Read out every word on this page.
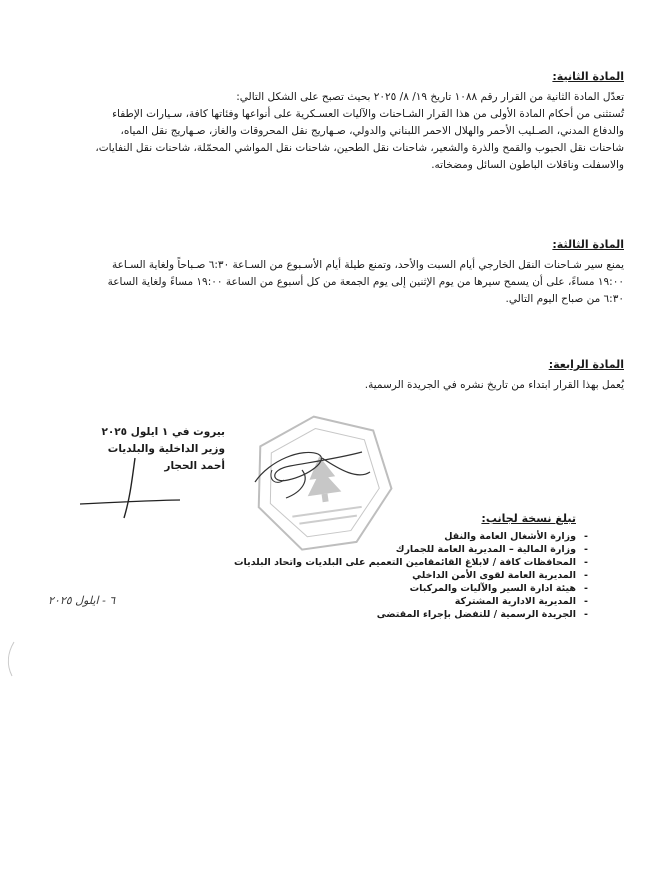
المادة الثانية:

تعدّل المادة الثانية من القرار رقم ١٠٨٨ تاريخ ١٩/ ٨/ ٢٠٢٥ بحيث تصبح على الشكل التالي:

تُستثنى من أحكام المادة الأولى من هذا القرار الشـاحنات والآليات العسـكرية على أنواعها وفئاتها كافة، سـيارات الإطفاء

والدفاع المدني، الصـليب الأحمر والهلال الاحمر اللبناني والدولي، صـهاريج نقل المحروقات والغاز، صـهاريج نقل المياه،

شاحنات نقل الحبوب والقمح والذرة والشعير، شاحنات نقل الطحين، شاحنات نقل المواشي المحمّلة، شاحنات نقل النفايات،

والاسفلت وناقلات الباطون السائل ومضخاته.

المادة الثالثة:

يمنع سير شـاحنات النقل الخارجي أيام السبت والأحد، وتمنع طيلة أيام الأسـبوع من السـاعة ٦:٣٠ صـباحاً ولغاية السـاعة

١٩:٠٠ مساءً، على أن يسمح سيرها من يوم الإثنين إلى يوم الجمعة من كل أسبوع من الساعة ١٩:٠٠ مساءً ولغاية الساعة

٦:٣٠ من صباح اليوم التالي.

المادة الرابعة:

يُعمل بهذا القرار ابتداء من تاريخ نشره في الجريدة الرسمية.

بيروت في ١ ايلول ٢٠٢٥
وزير الداخلية والبلديات
أحمد الحجار
تبلغ نسخة لجانب:
-
وزارة الأشغال العامة والنقل
-
وزارة المالية – المديرية العامة للجمارك
-
المحافظات كافة / لابلاغ القائمقامين التعميم على البلديات واتحاد البلديات
-
المديرية العامة لقوى الأمن الداخلي
-
هيئة ادارة السير والآليات والمركبات
-
المديرية الادارية المشتركة
-
الجريدة الرسمية / للتفضل بإجراء المقتضى
٦ - ايلول ٢٠٢٥
